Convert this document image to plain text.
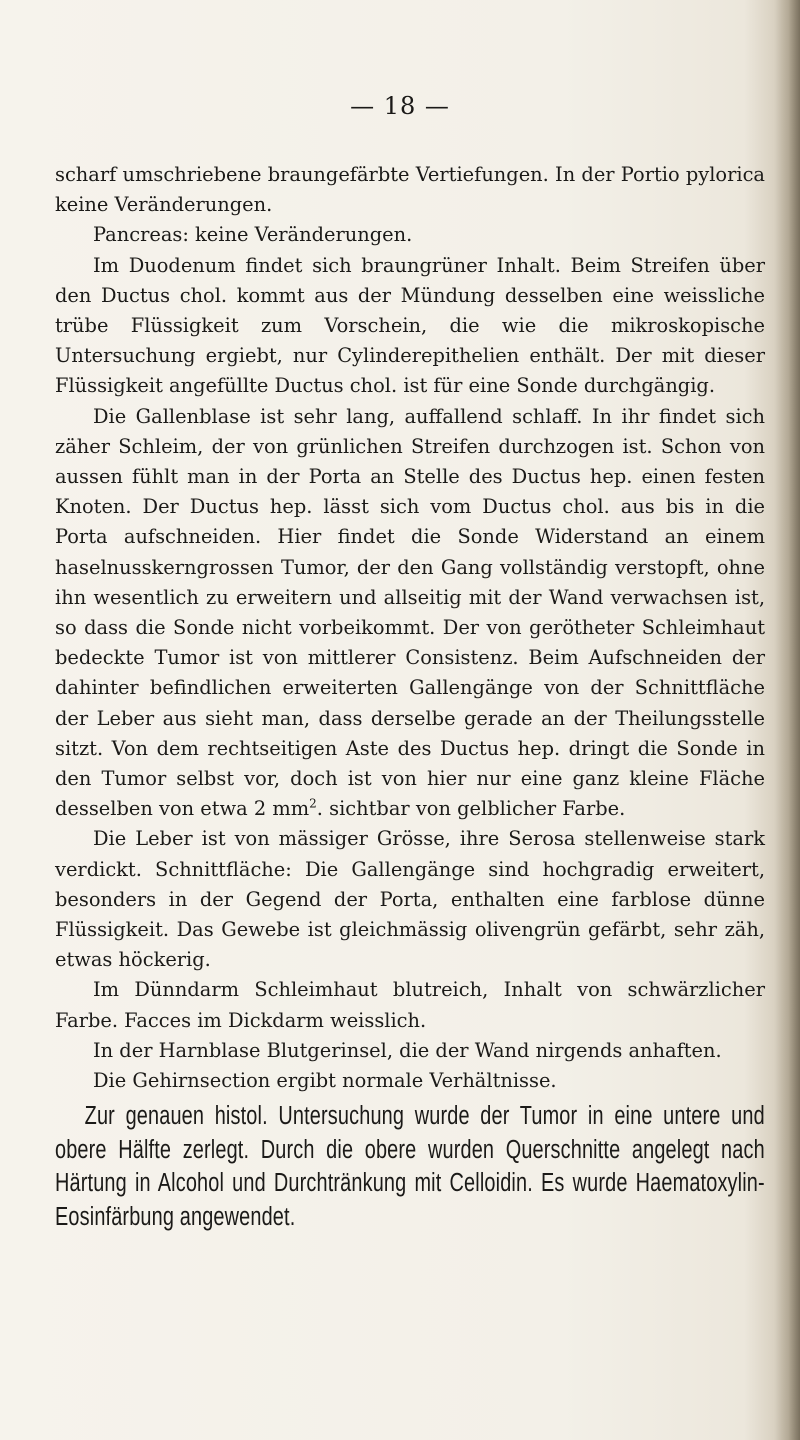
— 18 —

scharf umschriebene braungefärbte Vertiefungen. In der Portio pylorica keine Veränderungen.

Pancreas: keine Veränderungen.

Im Duodenum findet sich braungrüner Inhalt. Beim Streifen über den Ductus chol. kommt aus der Mündung desselben eine weissliche trübe Flüssigkeit zum Vorschein, die wie die mikroskopische Untersuchung ergiebt, nur Cylinderepithelien enthält. Der mit dieser Flüssigkeit angefüllte Ductus chol. ist für eine Sonde durchgängig.

Die Gallenblase ist sehr lang, auffallend schlaff. In ihr findet sich zäher Schleim, der von grünlichen Streifen durchzogen ist. Schon von aussen fühlt man in der Porta an Stelle des Ductus hep. einen festen Knoten. Der Ductus hep. lässt sich vom Ductus chol. aus bis in die Porta aufschneiden. Hier findet die Sonde Widerstand an einem haselnusskerngrossen Tumor, der den Gang vollständig verstopft, ohne ihn wesentlich zu erweitern und allseitig mit der Wand verwachsen ist, so dass die Sonde nicht vorbeikommt. Der von gerötheter Schleimhaut bedeckte Tumor ist von mittlerer Consistenz. Beim Aufschneiden der dahinter befindlichen erweiterten Gallengänge von der Schnittfläche der Leber aus sieht man, dass derselbe gerade an der Theilungsstelle sitzt. Von dem rechtseitigen Aste des Ductus hep. dringt die Sonde in den Tumor selbst vor, doch ist von hier nur eine ganz kleine Fläche desselben von etwa 2 $mm^2$. sichtbar von gelblicher Farbe.

Die Leber ist von mässiger Grösse, ihre Serosa stellenweise stark verdickt. Schnittfläche: Die Gallengänge sind hochgradig erweitert, besonders in der Gegend der Porta, enthalten eine farblose dünne Flüssigkeit. Das Gewebe ist gleichmässig olivengrün gefärbt, sehr zäh, etwas höckerig.

Im Dünndarm Schleimhaut blutreich, Inhalt von schwärzlicher Farbe. Facces im Dickdarm weisslich.

In der Harnblase Blutgerinsel, die der Wand nirgends anhaften.

Die Gehirnsection ergibt normale Verhältnisse.

Zur genauen histol. Untersuchung wurde der Tumor in eine untere und obere Hälfte zerlegt. Durch die obere wurden Querschnitte angelegt nach Härtung in Alcohol und Durchtränkung mit Celloidin. Es wurde Haematoxylin-Eosinfärbung angewendet.
